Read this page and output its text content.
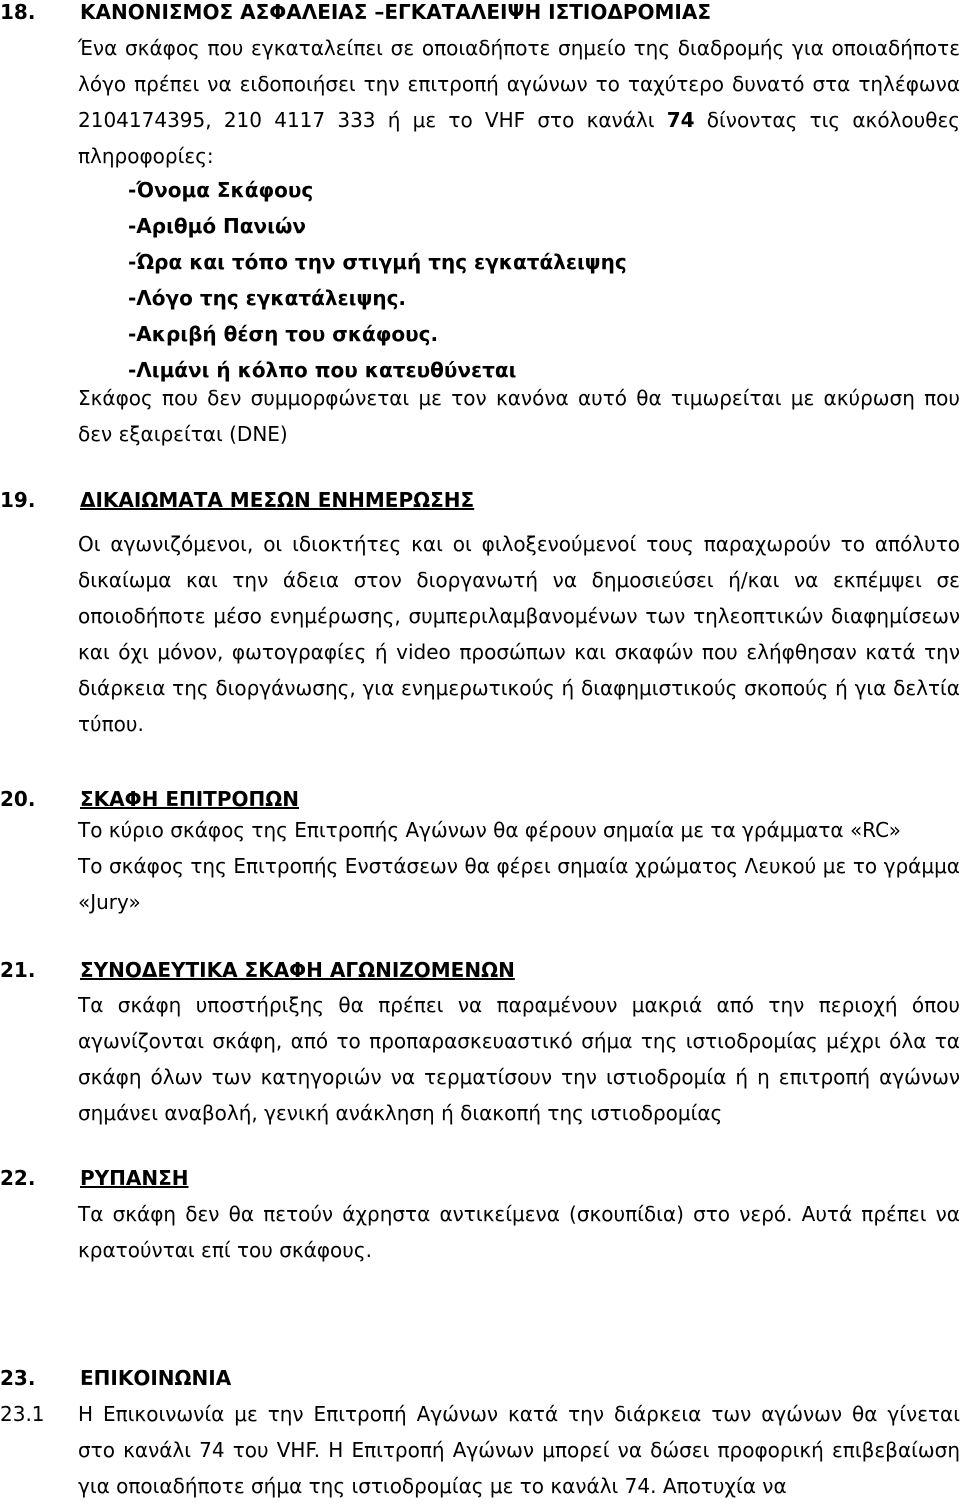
18. ΚΑΝΟΝΙΣΜΟΣ ΑΣΦΑΛΕΙΑΣ –ΕΓΚΑΤΑΛΕΙΨΗ ΙΣΤΙΟΔΡΟΜΙΑΣ
Ένα σκάφος που εγκαταλείπει σε οποιαδήποτε σημείο της διαδρομής για οποιαδήποτε λόγο πρέπει να ειδοποιήσει την επιτροπή αγώνων το ταχύτερο δυνατό στα τηλέφωνα 2104174395, 210 4117 333 ή με το VHF στο κανάλι 74 δίνοντας τις ακόλουθες πληροφορίες:
-Όνομα Σκάφους
-Αριθμό Πανιών
-Ώρα και τόπο την στιγμή της εγκατάλειψης
-Λόγο της εγκατάλειψης.
-Ακριβή θέση του σκάφους.
-Λιμάνι ή κόλπο που κατευθύνεται
Σκάφος που δεν συμμορφώνεται με τον κανόνα αυτό θα τιμωρείται με ακύρωση που δεν εξαιρείται (DNE)
19. ΔΙΚΑΙΩΜΑΤΑ ΜΕΣΩΝ ΕΝΗΜΕΡΩΣΗΣ
Οι αγωνιζόμενοι, οι ιδιοκτήτες και οι φιλοξενούμενοί τους παραχωρούν το απόλυτο δικαίωμα και την άδεια στον διοργανωτή να δημοσιεύσει ή/και να εκπέμψει σε οποιοδήποτε μέσο ενημέρωσης, συμπεριλαμβανομένων των τηλεοπτικών διαφημίσεων και όχι μόνον, φωτογραφίες ή video προσώπων και σκαφών που ελήφθησαν κατά την διάρκεια της διοργάνωσης, για ενημερωτικούς ή διαφημιστικούς σκοπούς ή για δελτία τύπου.
20. ΣΚΑΦΗ ΕΠΙΤΡΟΠΩΝ
Το κύριο σκάφος της Επιτροπής Αγώνων θα φέρουν σημαία με τα γράμματα «RC»
Το σκάφος της Επιτροπής Ενστάσεων θα φέρει σημαία χρώματος Λευκού με το γράμμα «Jury»
21. ΣΥΝΟΔΕΥΤΙΚΑ ΣΚΑΦΗ ΑΓΩΝΙΖΟΜΕΝΩΝ
Τα σκάφη υποστήριξης θα πρέπει να παραμένουν μακριά από την περιοχή όπου αγωνίζονται σκάφη, από το προπαρασκευαστικό σήμα της ιστιοδρομίας μέχρι όλα τα σκάφη όλων των κατηγοριών να τερματίσουν την ιστιοδρομία ή η επιτροπή αγώνων σημάνει αναβολή, γενική ανάκληση ή διακοπή της ιστιοδρομίας
22. ΡΥΠΑΝΣΗ
Τα σκάφη δεν θα πετούν άχρηστα αντικείμενα (σκουπίδια) στο νερό. Αυτά πρέπει να κρατούνται επί του σκάφους.
23. ΕΠΙΚΟΙΝΩΝΙΑ
23.1 Η Επικοινωνία με την Επιτροπή Αγώνων κατά την διάρκεια των αγώνων θα γίνεται στο κανάλι 74 του VHF. Η Επιτροπή Αγώνων μπορεί να δώσει προφορική επιβεβαίωση για οποιαδήποτε σήμα της ιστιοδρομίας με το κανάλι 74. Αποτυχία να
